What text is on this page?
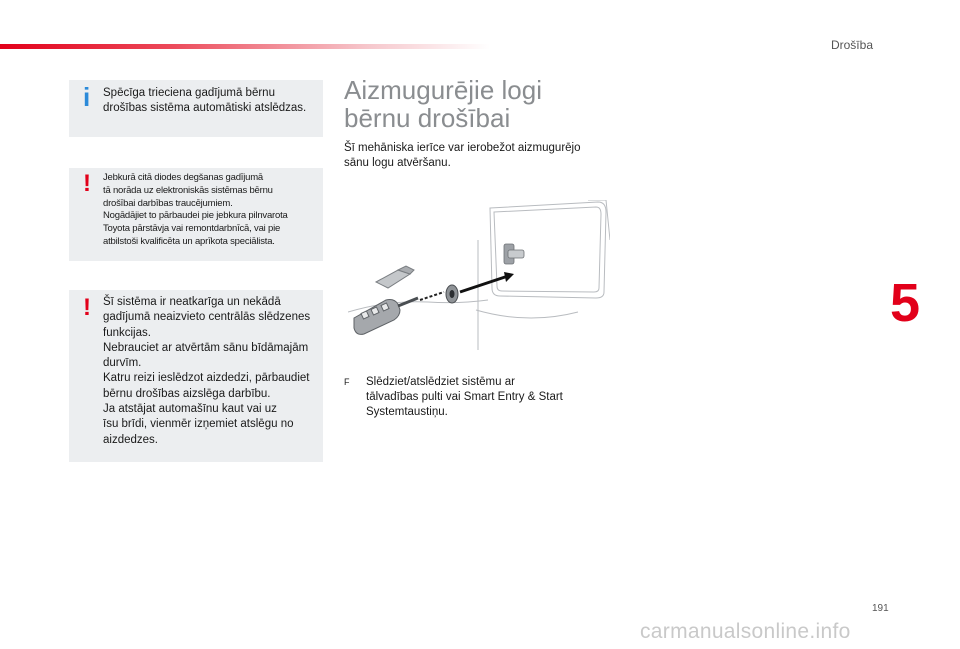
Drošība
5
i Spēcīga trieciena gadījumā bērnu
drošības sistēma automātiski atslēdzas.
! Jebkurā citā diodes degšanas gadījumā
tā norāda uz elektroniskās sistēmas bērnu
drošībai darbības traucējumiem.
Nogādājiet to pārbaudei pie jebkura pilnvarota
Toyota pārstāvja vai remontdarbnīcā, vai pie
atbilstoši kvalificēta un aprīkota speciālista.
! Šī sistēma ir neatkarīga un nekādā
gadījumā neaizvieto centrālās slēdzenes
funkcijas.
Nebrauciet ar atvērtām sānu bīdāmajām
durvīm.
Katru reizi ieslēdzot aizdedzi, pārbaudiet
bērnu drošības aizslēga darbību.
Ja atstājat automašīnu kaut vai uz
īsu brīdi, vienmēr izņemiet atslēgu no
aizdedzes.
Aizmugurējie logi
bērnu drošībai
Šī mehāniska ierīce var ierobežot aizmugurējo
sānu logu atvēršanu.
F Slēdziet/atslēdziet sistēmu ar
tālvadības pulti vai Smart Entry & Start
Systemtaustiņu.
191
carmanualsonline.info
